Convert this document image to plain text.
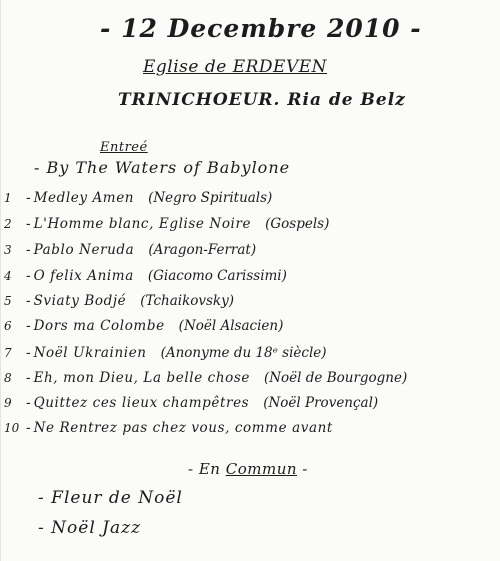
- 12 Decembre 2010 -
Eglise de ERDEVEN
TRINICHOEUR. Ria de Belz
Entreé
- By The Waters of Babylone
1 - Medley Amen (Negro Spirituals)
2 - L'Homme blanc, Eglise Noire (Gospels)
3 - Pablo Neruda (Aragon-Ferrat)
4 - O felix Anima (Giacomo Carissimi)
5 - Sviaty Bodjé (Tchaikovsky)
6 - Dors ma Colombe (Noël Alsacien)
7 - Noël Ukrainien (Anonyme du 18ᵉ siècle)
8 - Eh, mon Dieu, La belle chose (Noël de Bourgogne)
9 - Quittez ces lieux champêtres (Noël Provençal)
10 - Ne Rentrez pas chez vous, comme avant
- En Commun -
- Fleur de Noël
- Noël Jazz
